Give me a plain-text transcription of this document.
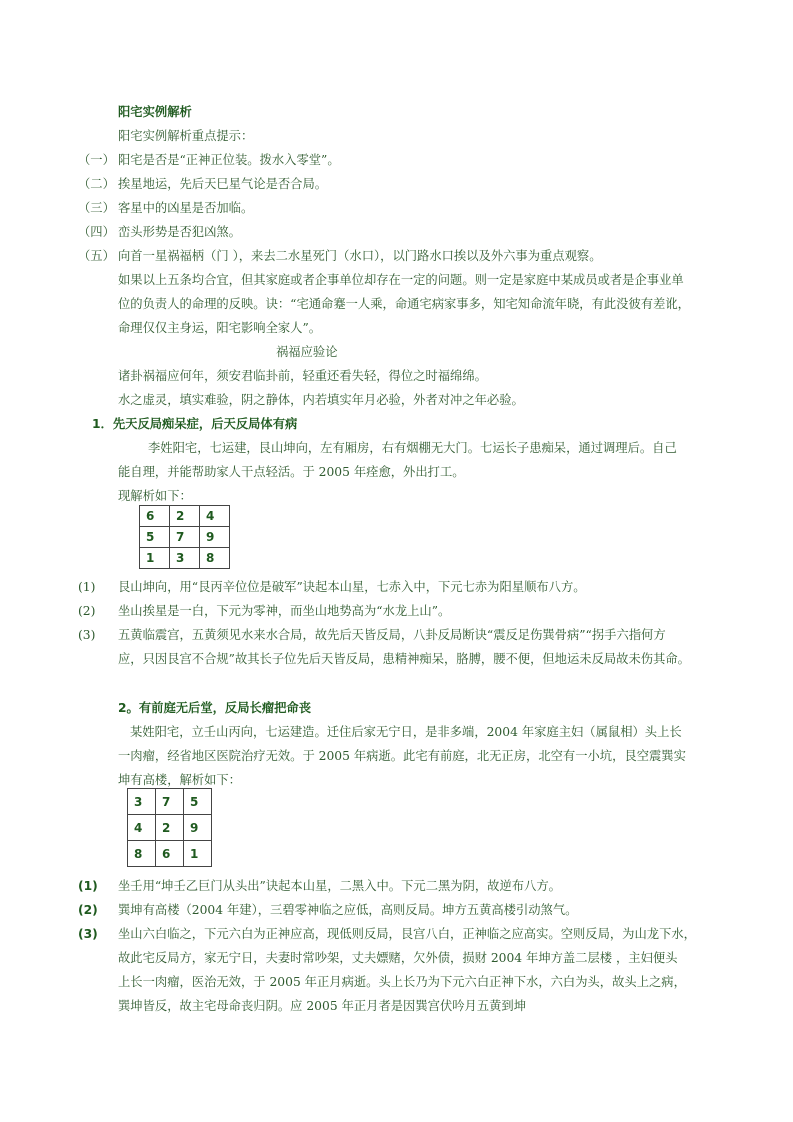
阳宅实例解析
阳宅实例解析重点提示：
（一） 阳宅是否是“正神正位装。拨水入零堂”。
（二） 挨星地运，先后天巳星气论是否合局。
（三） 客星中的凶星是否加临。
（四） 峦头形势是否犯凶煞。
（五） 向首一星祸福柄（门 ），来去二水星死门（水口），以门路水口挨以及外六事为重点观察。
如果以上五条均合宜，但其家庭或者企事单位却存在一定的问题。则一定是家庭中某成员或者是企事业单
位的负责人的命理的反映。诀：“宅通命蹇一人乘，命通宅病家事多，知宅知命流年晓，有此没彼有差讹，
命理仅仅主身运，阳宅影响全家人”。
祸福应验论
诸卦祸福应何年，须安君临卦前，轻重还看失轻，得位之时福绵绵。
水之虚灵，填实难验，阴之静体，内若填实年月必验，外者对冲之年必验。
1．先天反局痴呆症，后天反局体有病
李姓阳宅，七运建，艮山坤向，左有厢房，右有烟棚无大门。七运长子患痴呆，通过调理后。自己
能自理，并能帮助家人干点轻活。于 2005 年痊愈，外出打工。
现解析如下：
6	2	4
5	7	9
1	3	8
(1) 艮山坤向，用“艮丙辛位位是破军”诀起本山星，七赤入中，下元七赤为阳星顺布八方。
(2) 坐山挨星是一白，下元为零神，而坐山地势高为“水龙上山”。
(3) 五黄临震宫，五黄须见水来水合局，故先后天皆反局，八卦反局断诀“震反足伤巽骨病”“拐手六指何方
应，只因艮宫不合规”故其长子位先后天皆反局，患精神痴呆，胳膊，腰不便，但地运未反局故未伤其命。
2。有前庭无后堂，反局长瘤把命丧
某姓阳宅，立壬山丙向，七运建造。迁住后家无宁日，是非多端，2004 年家庭主妇（属鼠相）头上长
一肉瘤，经省地区医院治疗无效。于 2005 年病逝。此宅有前庭，北无正房，北空有一小坑，艮空震巽实
坤有高楼，解析如下：
3	7	5
4	2	9
8	6	1
(1) 坐壬用“坤壬乙巨门从头出”诀起本山星，二黑入中。下元二黑为阴，故逆布八方。
(2) 巽坤有高楼（2004 年建），三碧零神临之应低，高则反局。坤方五黄高楼引动煞气。
(3) 坐山六白临之，下元六白为正神应高，现低则反局，艮宫八白，正神临之应高实。空则反局，为山龙下水，
故此宅反局方，家无宁日，夫妻时常吵架，丈夫嫖赌，欠外债，损财 2004 年坤方盖二层楼 ，主妇便头
上长一肉瘤，医治无效，于 2005 年正月病逝。头上长乃为下元六白正神下水，六白为头，故头上之病，
巽坤皆反，故主宅母命丧归阴。应 2005 年正月者是因巽宫伏吟月五黄到坤
